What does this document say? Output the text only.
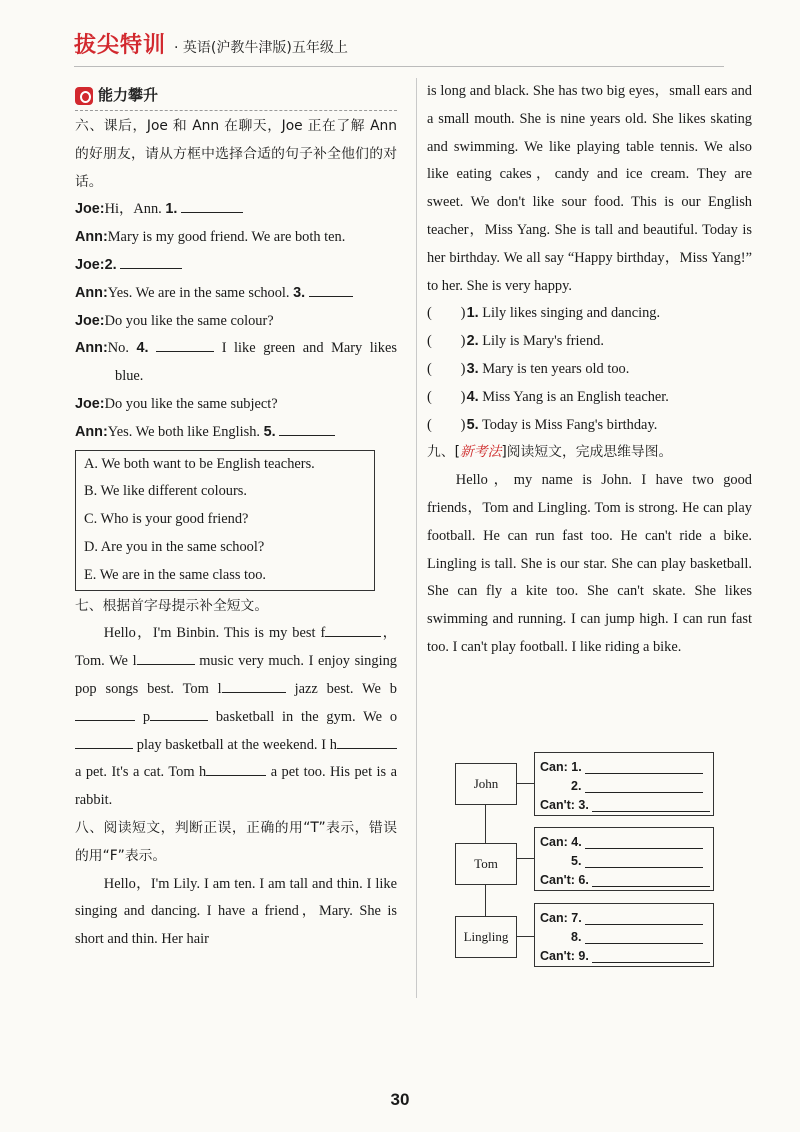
拔尖特训 · 英语(沪教牛津版)五年级上
能力攀升

六、课后，Joe 和 Ann 在聊天，Joe 正在了解 Ann 的好朋友，请从方框中选择合适的句子补全他们的对话。

Joe:Hi，Ann. 1.

Ann:Mary is my good friend. We are both ten.

Joe:2.

Ann:Yes. We are in the same school. 3.

Joe:Do you like the same colour?

Ann:No. 4.	I like green and Mary likes blue.

Joe:Do you like the same subject?

Ann:Yes. We both like English. 5.

A. We both want to be English teachers.

B. We like different colours.

C. Who is your good friend?

D. Are you in the same school?

E. We are in the same class too.

七、根据首字母提示补全短文。

Hello，I'm Binbin. This is my best f	，Tom. We l	music very much. I enjoy singing pop songs best. Tom l	jazz best. We b p	basketball in the gym. We o play basketball at the weekend. I h a pet. It's a cat. Tom h	a pet too. His pet is a rabbit.

八、阅读短文，判断正误，正确的用“T”表示，错误的用“F”表示。

Hello，I'm Lily. I am ten. I am tall and thin. I like singing and dancing. I have a friend，Mary. She is short and thin. Her hair

is long and black. She has two big eyes，small ears and a small mouth. She is nine years old. She likes skating and swimming. We like playing table tennis. We also like eating cakes，candy and ice cream. They are sweet. We don't like sour food. This is our English teacher，Miss Yang. She is tall and beautiful. Today is her birthday. We all say “Happy birthday，Miss Yang!” to her. She is very happy.

(　　) 1. Lily likes singing and dancing.

(　　) 2. Lily is Mary's friend.

(　　) 3. Mary is ten years old too.

(　　) 4. Miss Yang is an English teacher.

(　　) 5. Today is Miss Fang's birthday.

九、[新考法]阅读短文，完成思维导图。

Hello，my name is John. I have two good friends，Tom and Lingling. Tom is strong. He can play football. He can run fast too. He can't ride a bike. Lingling is tall. She is our star. She can play basketball. She can fly a kite too. She can't skate. She likes swimming and running. I can jump high. I can run fast too. I can't play football. I like riding a bike.

John
Can:
1.

2.

Can't:
3.

Tom
Can:
4.

5.

Can't:
6.

Lingling
Can:
7.

8.

Can't:
9.

30
